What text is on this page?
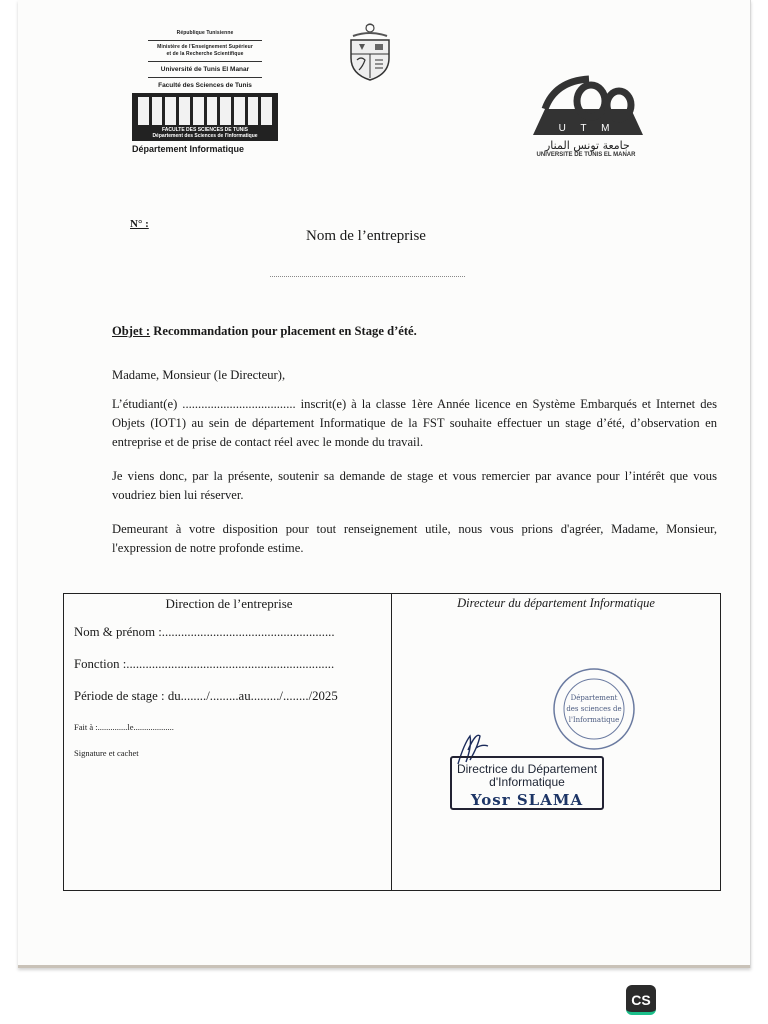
République Tunisienne
Ministère de l'Enseignement Supérieur
et de la Recherche Scientifique
Université de Tunis El Manar
Faculté des Sciences de Tunis
FACULTE DES SCIENCES DE TUNIS
Département des Sciences de l'Informatique
Département Informatique
U T M
ﺟﺎﻣﻌﺔ ﺗﻮﻧﺲ ﺍﻟﻤﻨﺎﺭ
UNIVERSITE DE TUNIS EL MANAR
N° :
Nom de l’entreprise
Objet : Recommandation pour placement en Stage d’été.
Madame, Monsieur (le Directeur),
L’étudiant(e) .................................... inscrit(e) à la classe 1ère Année licence en Système Embarqués et Internet des Objets (IOT1) au sein de département Informatique de la FST souhaite effectuer un stage d’été, d’observation en entreprise et de prise de contact réel avec le monde du travail.
Je viens donc, par la présente, soutenir sa demande de stage et vous remercier par avance pour l’intérêt que vous voudriez bien lui réserver.
Demeurant à votre disposition pour tout renseignement utile, nous vous prions d'agréer, Madame, Monsieur, l'expression de notre profonde estime.
Direction de l’entreprise
Nom & prénom :......................................................
Fonction :.................................................................
Période de stage : du......../.........au........./......../2025
Fait à :..............le...................
Signature et cachet
Directeur du département Informatique
Département
des sciences de
l'Informatique
Directrice du Département
d'Informatique
Yosr SLAMA
CS
